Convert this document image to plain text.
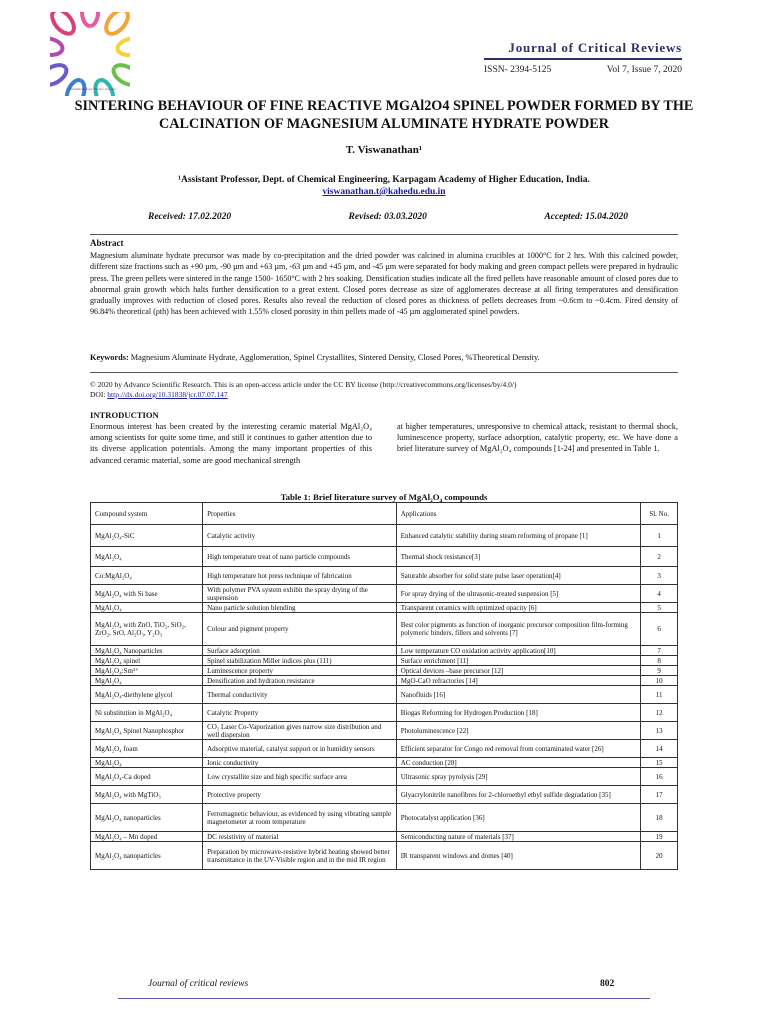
Multidisciplinary Review Journal
Journal of Critical Reviews
ISSN- 2394-5125	Vol 7, Issue 7, 2020
SINTERING BEHAVIOUR OF FINE REACTIVE MGAl2O4 SPINEL POWDER FORMED BY THE CALCINATION OF MAGNESIUM ALUMINATE HYDRATE POWDER
T. Viswanathan¹
¹Assistant Professor, Dept. of Chemical Engineering, Karpagam Academy of Higher Education, India.
viswanathan.t@kahedu.edu.in
Received: 17.02.2020	Revised: 03.03.2020	Accepted: 15.04.2020
Abstract
Magnesium aluminate hydrate precursor was made by co-precipitation and the dried powder was calcined in alumina crucibles at 1000°C for 2 hrs. With this calcined powder, different size fractions such as +90 µm, -90 µm and +63 µm, -63 µm and +45 µm, and -45 µm were separated for body making and green compact pellets were prepared in hydraulic press. The green pellets were sintered in the range 1500- 1650°C with 2 hrs soaking. Densification studies indicate all the fired pellets have reasonable amount of closed pores due to abnormal grain growth which halts further densification to a great extent. Closed pores decrease as size of agglomerates decrease at all firing temperatures and densification gradually improves with reduction of closed pores. Results also reveal the reduction of closed pores as thickness of pellets decreases from ~0.6cm to ~0.4cm. Fired density of 96.84% theoretical (ρth) has been achieved with 1.55% closed porosity in thin pellets made of -45 µm agglomerated spinel powders.
Keywords: Magnesium Aluminate Hydrate, Agglomeration, Spinel Crystallites, Sintered Density, Closed Pores, %Theoretical Density.
© 2020 by Advance Scientific Research. This is an open-access article under the CC BY license (http://creativecommons.org/licenses/by/4.0/)
DOI: http://dx.doi.org/10.31838/jcr.07.07.147
INTRODUCTION
Enormous interest has been created by the interesting ceramic material MgAl₂O₄ among scientists for quite some time, and still it continues to gather attention due to its diverse application potentials. Among the many important properties of this advanced ceramic material, some are good mechanical strength
at higher temperatures, unresponsive to chemical attack, resistant to thermal shock, luminescence property, surface adsorption, catalytic property, etc. We have done a brief literature survey of MgAl₂O₄ compounds [1-24] and presented in Table 1.
Table 1: Brief literature survey of MgAl₂O₄ compounds
Compound system	Properties	Applications	Sl. No.
MgAl₂O₄-SiC	Catalytic activity	Enhanced catalytic stability during steam reforming of propane [1]	1
MgAl₂O₄	High temperature treat of nano particle compounds	Thermal shock resistance[3]	2
Co:MgAl₂O₄	High temperature hot press technique of fabrication	Saturable absorber for solid state pulse laser operation[4]	3
MgAl₂O₄ with Si base	With polymer PVA system exhibit the spray drying of the suspension	For spray drying of the ultrasonic-treated suspension [5]	4
MgAl₂O₄	Nano particle solution blending	Transparent ceramics with optimized opacity [6]	5
MgAl₂O₄ with ZnO, TiO₂, SiO₂, ZrO₂, SrO, Al₂O₃, Y₂O₃	Colour and pigment property	Best color pigments as function of inorganic precursor composition film-forming polymeric binders, fillers and solvents [7]	6
MgAl₂O₄ Nanoparticles	Surface adsorption	Low temperature CO oxidation activity application[10]	7
MgAl₂O₄ spinel	Spinel stabilization Miller indices plus (111)	Surface enrichment [11]	8
MgAl₂O₄:Sm³⁺	Luminescence property	Optical devices –base precursor [12]	9
MgAl₂O₄	Densification and hydration resistance	MgO-CaO refractories [14]	10
MgAl₂O₄-diethylene glycol	Thermal conductivity	Nanofluids [16]	11
Ni substitution in MgAl₂O₄	Catalytic Property	Biogas Reforming for Hydrogen Production [18]	12
MgAl₂O₄ Spinel Nanophosphor	CO₂ Laser Co-Vaporization gives narrow size distribution and well dispersion	Photoluminescence [22]	13
MgAl₂O₄ foam	Adsorptive material, catalyst support or in humidity sensors	Efficient separator for Congo red removal from contaminated water [26]	14
MgAl₂O₄	Ionic conductivity	AC conduction [28]	15
MgAl₂O₄-Ca doped	Low crystallite size and high specific surface area	Ultrasonic spray pyrolysis [29]	16
MgAl₂O₄ with MgTiO₃	Protective property	Glyacrylonitrile nanofibres for 2-chloroethyl ethyl sulfide degradation [35]	17
MgAl₂O₄ nanoparticles	Ferromagnetic behaviour, as evidenced by using vibrating sample magnetometer at room temperature	Photocatalyst application [36]	18
MgAl₂O₄ – Mn doped	DC resistivity of material	Semiconducting nature of materials [37]	19
MgAl₂O₄ nanoparticles	Preparation by microwave-resistive hybrid heating showed better transmittance in the UV-Visible region and in the mid IR region	IR transparent windows and domes [40]	20
Journal of critical reviews	802
